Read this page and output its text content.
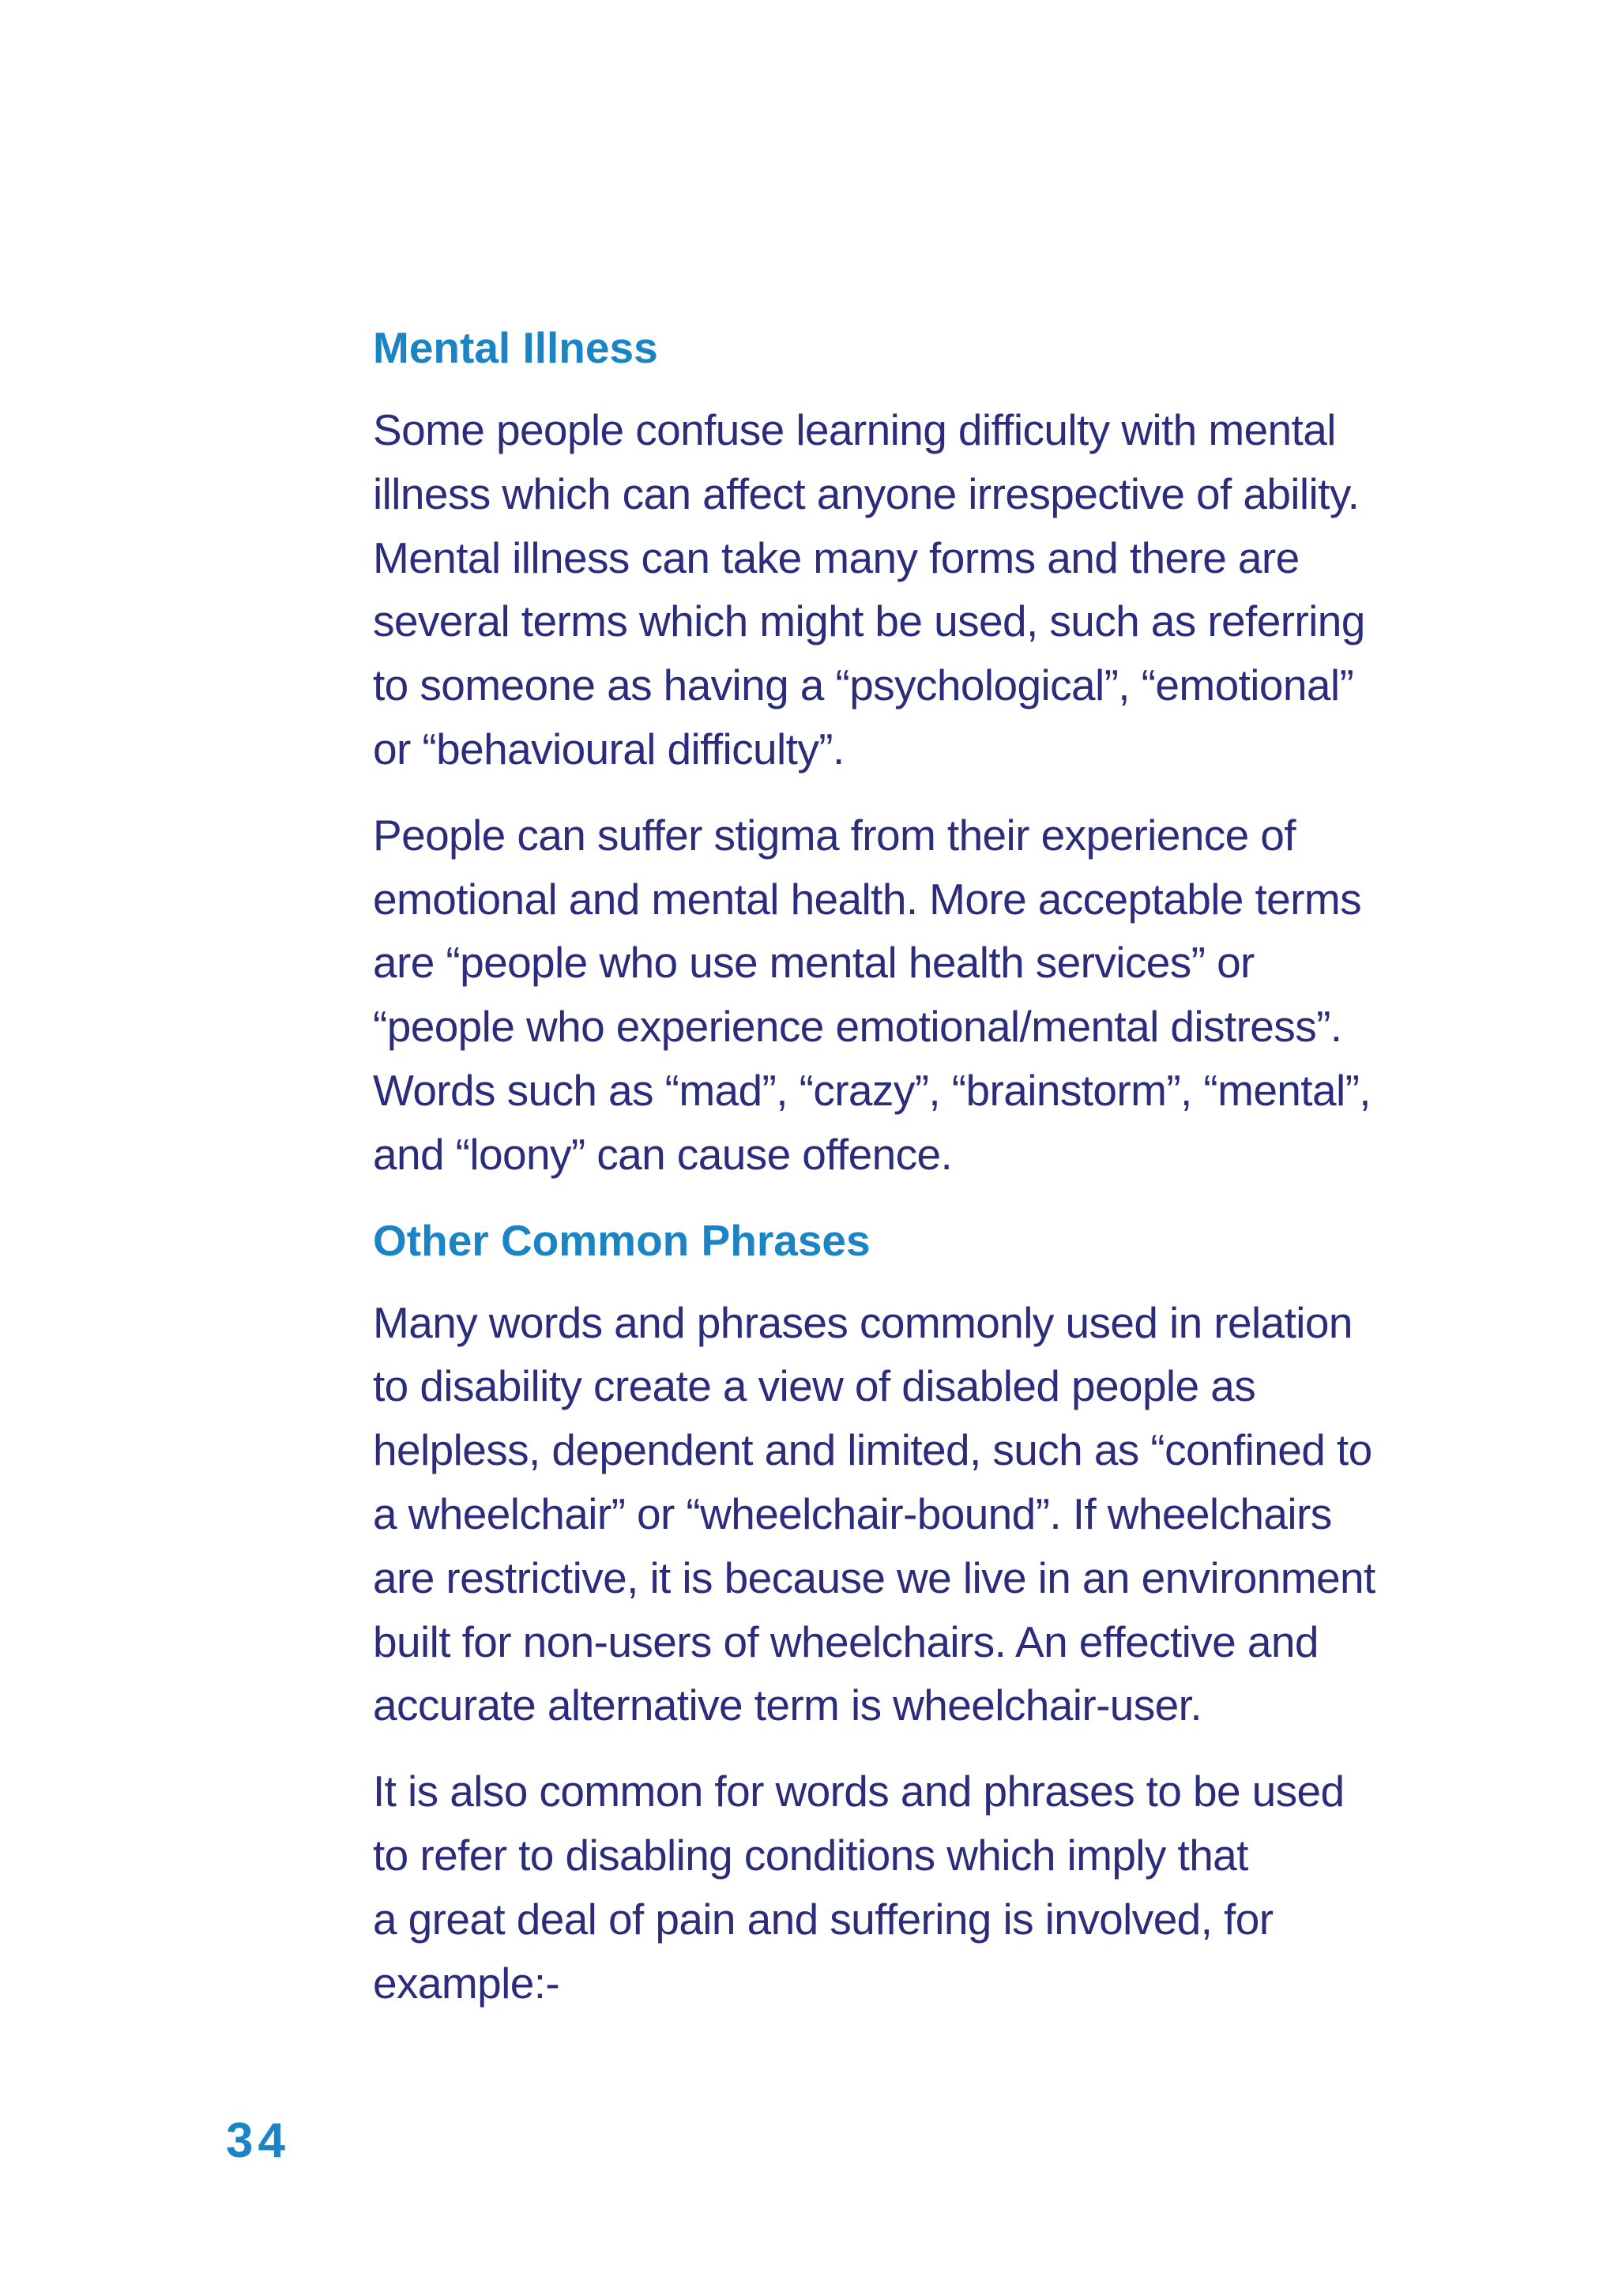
Mental Illness
Some people confuse learning difficulty with mental
illness which can affect anyone irrespective of ability.
Mental illness can take many forms and there are
several terms which might be used, such as referring
to someone as having a “psychological”, “emotional”
or “behavioural difficulty”.
People can suffer stigma from their experience of
emotional and mental health. More acceptable terms
are “people who use mental health services” or
“people who experience emotional/mental distress”.
Words such as “mad”, “crazy”, “brainstorm”, “mental”,
and “loony” can cause offence.
Other Common Phrases
Many words and phrases commonly used in relation
to disability create a view of disabled people as
helpless, dependent and limited, such as “confined to
a wheelchair” or “wheelchair-bound”. If wheelchairs
are restrictive, it is because we live in an environment
built for non-users of wheelchairs. An effective and
accurate alternative term is wheelchair-user.
It is also common for words and phrases to be used
to refer to disabling conditions which imply that
a great deal of pain and suffering is involved, for
example:-
34
